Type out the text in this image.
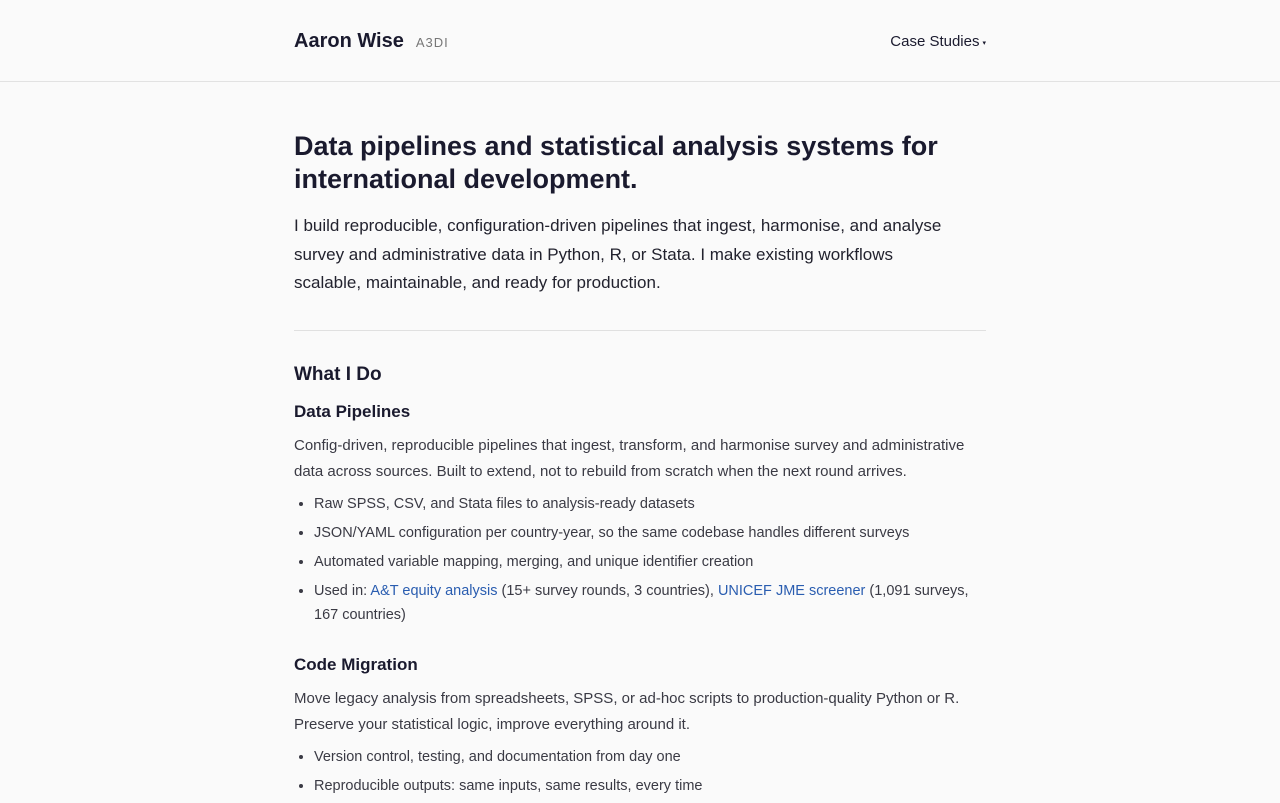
Aaron Wise A3DI	Case Studies ▾
Data pipelines and statistical analysis systems for international development.

I build reproducible, configuration-driven pipelines that ingest, harmonise, and analyse survey and administrative data in Python, R, or Stata. I make existing workflows scalable, maintainable, and ready for production.

What I Do
Data Pipelines

Config-driven, reproducible pipelines that ingest, transform, and harmonise survey and administrative data across sources. Built to extend, not to rebuild from scratch when the next round arrives.

• Raw SPSS, CSV, and Stata files to analysis-ready datasets
• JSON/YAML configuration per country-year, so the same codebase handles different surveys
• Automated variable mapping, merging, and unique identifier creation
• Used in: A&T equity analysis (15+ survey rounds, 3 countries), UNICEF JME screener (1,091 surveys, 167 countries)
Code Migration

Move legacy analysis from spreadsheets, SPSS, or ad-hoc scripts to production-quality Python or R. Preserve your statistical logic, improve everything around it.

• Version control, testing, and documentation from day one
• Reproducible outputs: same inputs, same results, every time
